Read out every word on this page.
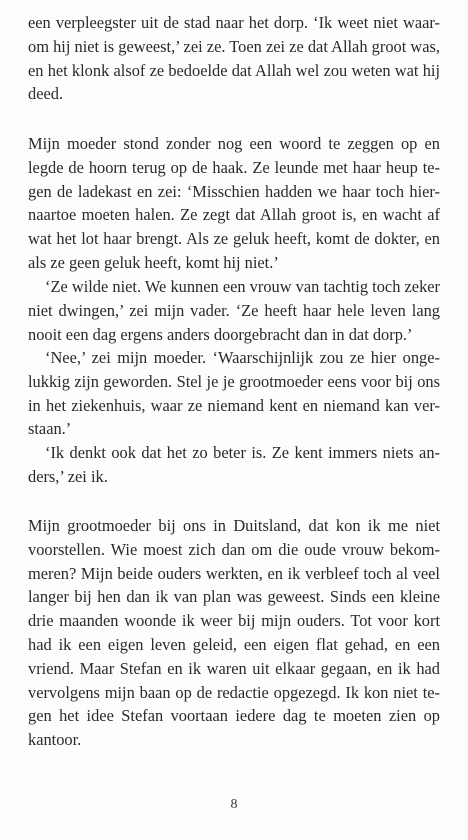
een verpleegster uit de stad naar het dorp. ‘Ik weet niet waar-
om hij niet is geweest,’ zei ze. Toen zei ze dat Allah groot was,
en het klonk alsof ze bedoelde dat Allah wel zou weten wat hij
deed.
Mijn moeder stond zonder nog een woord te zeggen op en
legde de hoorn terug op de haak. Ze leunde met haar heup te-
gen de ladekast en zei: ‘Misschien hadden we haar toch hier-
naartoe moeten halen. Ze zegt dat Allah groot is, en wacht af
wat het lot haar brengt. Als ze geluk heeft, komt de dokter, en
als ze geen geluk heeft, komt hij niet.’
‘Ze wilde niet. We kunnen een vrouw van tachtig toch zeker
niet dwingen,’ zei mijn vader. ‘Ze heeft haar hele leven lang
nooit een dag ergens anders doorgebracht dan in dat dorp.’
‘Nee,’ zei mijn moeder. ‘Waarschijnlijk zou ze hier onge-
lukkig zijn geworden. Stel je je grootmoeder eens voor bij ons
in het ziekenhuis, waar ze niemand kent en niemand kan ver-
staan.’
‘Ik denkt ook dat het zo beter is. Ze kent immers niets an-
ders,’ zei ik.
Mijn grootmoeder bij ons in Duitsland, dat kon ik me niet
voorstellen. Wie moest zich dan om die oude vrouw bekom-
meren? Mijn beide ouders werkten, en ik verbleef toch al veel
langer bij hen dan ik van plan was geweest. Sinds een kleine
drie maanden woonde ik weer bij mijn ouders. Tot voor kort
had ik een eigen leven geleid, een eigen flat gehad, en een
vriend. Maar Stefan en ik waren uit elkaar gegaan, en ik had
vervolgens mijn baan op de redactie opgezegd. Ik kon niet te-
gen het idee Stefan voortaan iedere dag te moeten zien op
kantoor.
8
